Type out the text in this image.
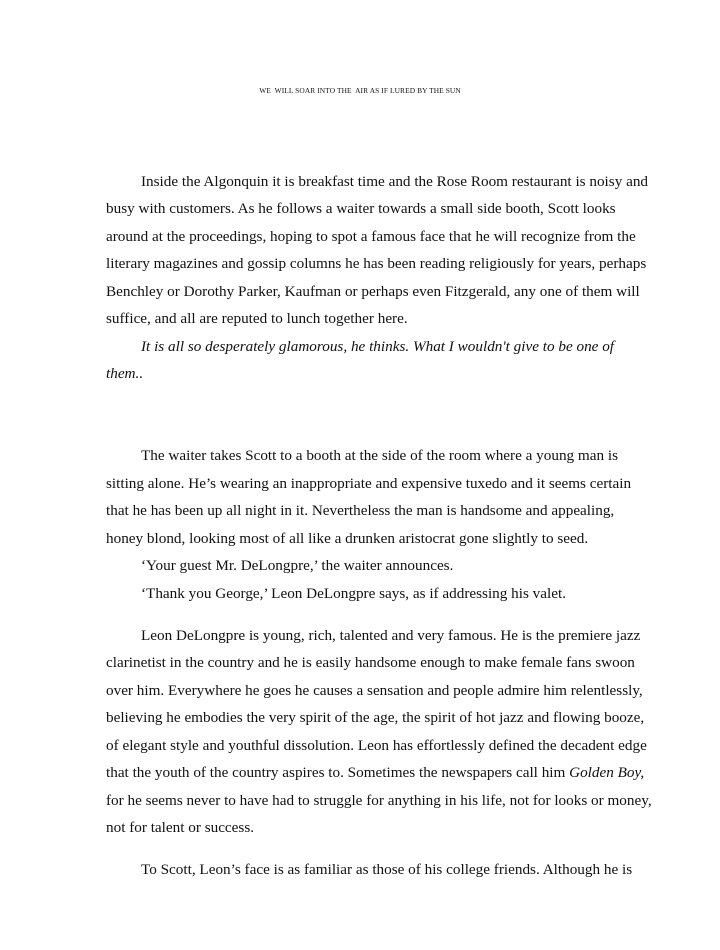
WE  WILL SOAR INTO THE  AIR AS IF LURED BY THE SUN
Inside the Algonquin it is breakfast time and the Rose Room restaurant is noisy and
busy with customers. As he follows a waiter towards a small side booth, Scott looks
around at the proceedings, hoping to spot a famous face that he will recognize from the
literary magazines and gossip columns he has been reading religiously for years, perhaps
Benchley or Dorothy Parker, Kaufman or perhaps even Fitzgerald, any one of them will
suffice, and all are reputed to lunch together here.
It is all so desperately glamorous, he thinks. What I wouldn't give to be one of
them..
The waiter takes Scott to a booth at the side of the room where a young man is
sitting alone. He’s wearing an inappropriate and expensive tuxedo and it seems certain
that he has been up all night in it. Nevertheless the man is handsome and appealing,
honey blond, looking most of all like a drunken aristocrat gone slightly to seed.
‘Your guest Mr. DeLongpre,’ the waiter announces.
‘Thank you George,’ Leon DeLongpre says, as if addressing his valet.
Leon DeLongpre is young, rich, talented and very famous. He is the premiere jazz
clarinetist in the country and he is easily handsome enough to make female fans swoon
over him. Everywhere he goes he causes a sensation and people admire him relentlessly,
believing he embodies the very spirit of the age, the spirit of hot jazz and flowing booze,
of elegant style and youthful dissolution. Leon has effortlessly defined the decadent edge
that the youth of the country aspires to. Sometimes the newspapers call him Golden Boy,
for he seems never to have had to struggle for anything in his life, not for looks or money,
not for talent or success.
To Scott, Leon’s face is as familiar as those of his college friends. Although he is
